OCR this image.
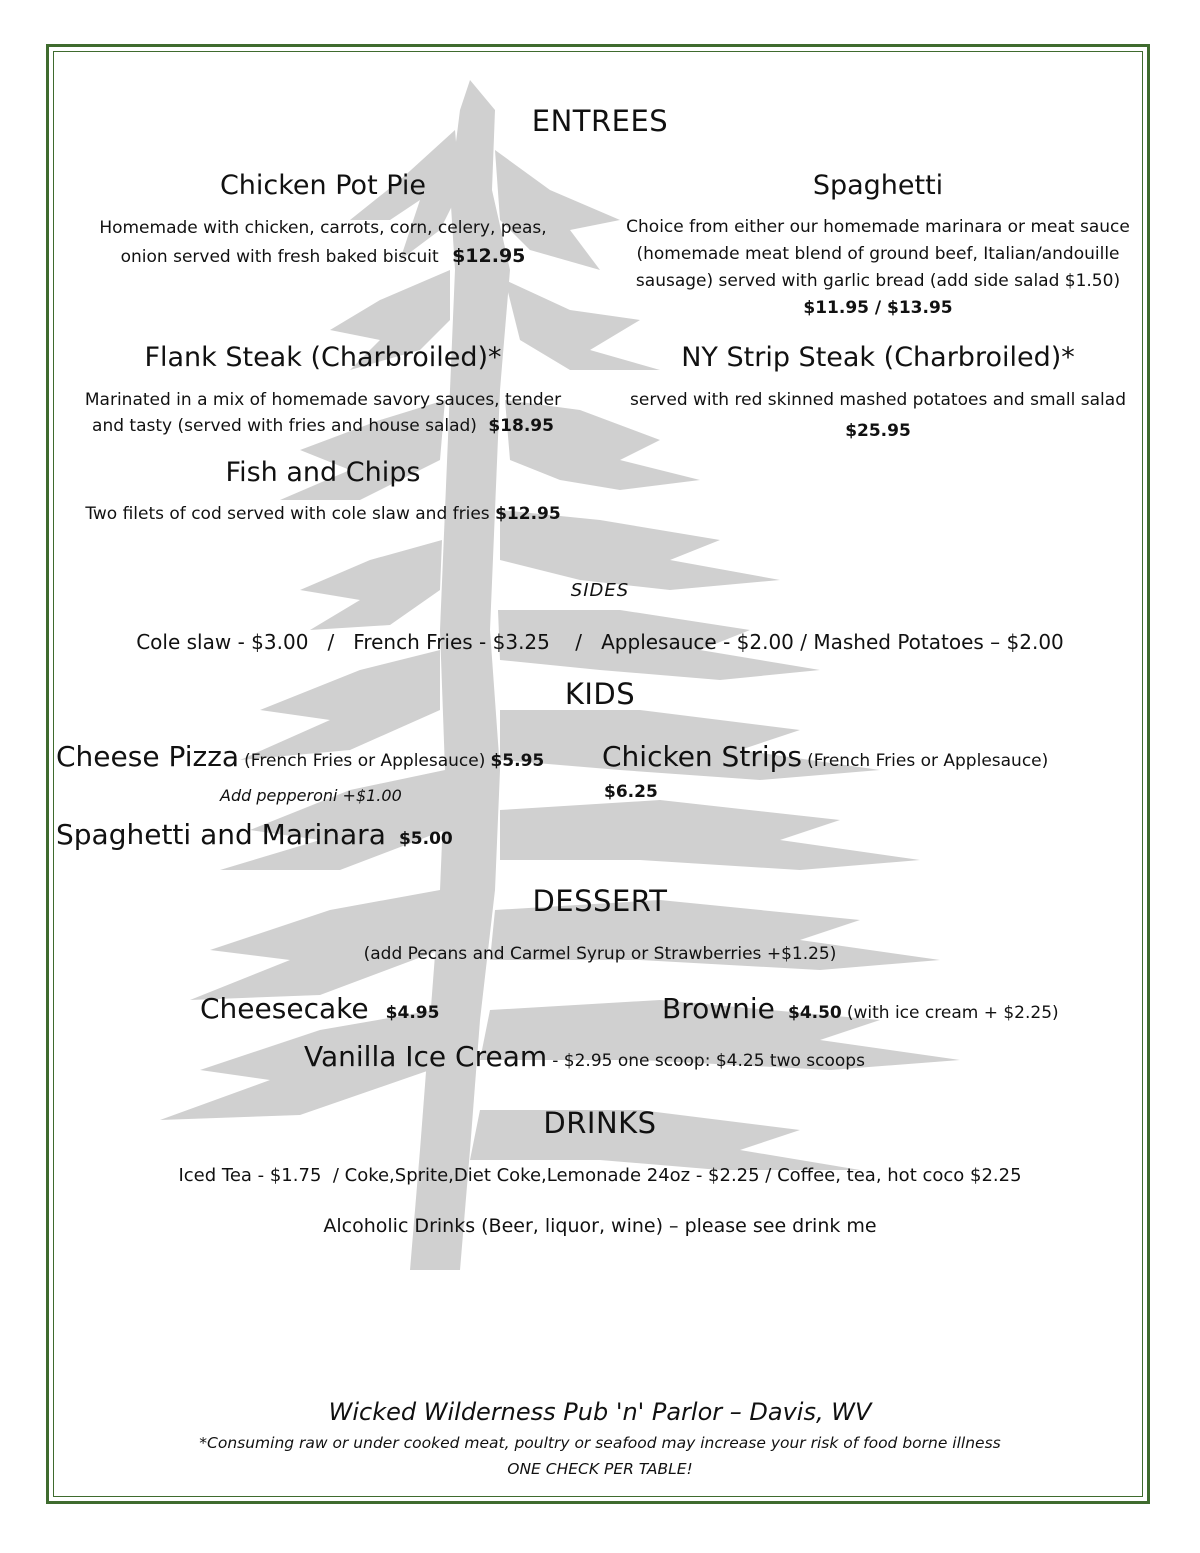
ENTREES
Chicken Pot Pie
Homemade with chicken, carrots, corn, celery, peas,
onion served with fresh baked biscuit $12.95
Spaghetti
Choice from either our homemade marinara or meat sauce
(homemade meat blend of ground beef, Italian/andouille
sausage) served with garlic bread (add side salad $1.50)
$11.95 / $13.95
Flank Steak (Charbroiled)*
Marinated in a mix of homemade savory sauces, tender
and tasty (served with fries and house salad) $18.95
NY Strip Steak (Charbroiled)*
served with red skinned mashed potatoes and small salad
$25.95
Fish and Chips
Two filets of cod served with cole slaw and fries $12.95
SIDES
Cole slaw - $3.00   /   French Fries - $3.25    /   Applesauce - $2.00 / Mashed Potatoes – $2.00
KIDS
Cheese Pizza (French Fries or Applesauce) $5.95
Add pepperoni +$1.00
Chicken Strips (French Fries or Applesauce)
$6.25
Spaghetti and Marinara $5.00
DESSERT
(add Pecans and Carmel Syrup or Strawberries +$1.25)
Cheesecake $4.95	Brownie $4.50 (with ice cream + $2.25)
Vanilla Ice Cream - $2.95 one scoop: $4.25 two scoops
DRINKS
Iced Tea - $1.75  / Coke,Sprite,Diet Coke,Lemonade 24oz - $2.25 / Coffee, tea, hot coco $2.25
Alcoholic Drinks (Beer, liquor, wine) – please see drink me
Wicked Wilderness Pub 'n' Parlor – Davis, WV
*Consuming raw or under cooked meat, poultry or seafood may increase your risk of food borne illness
ONE CHECK PER TABLE!
